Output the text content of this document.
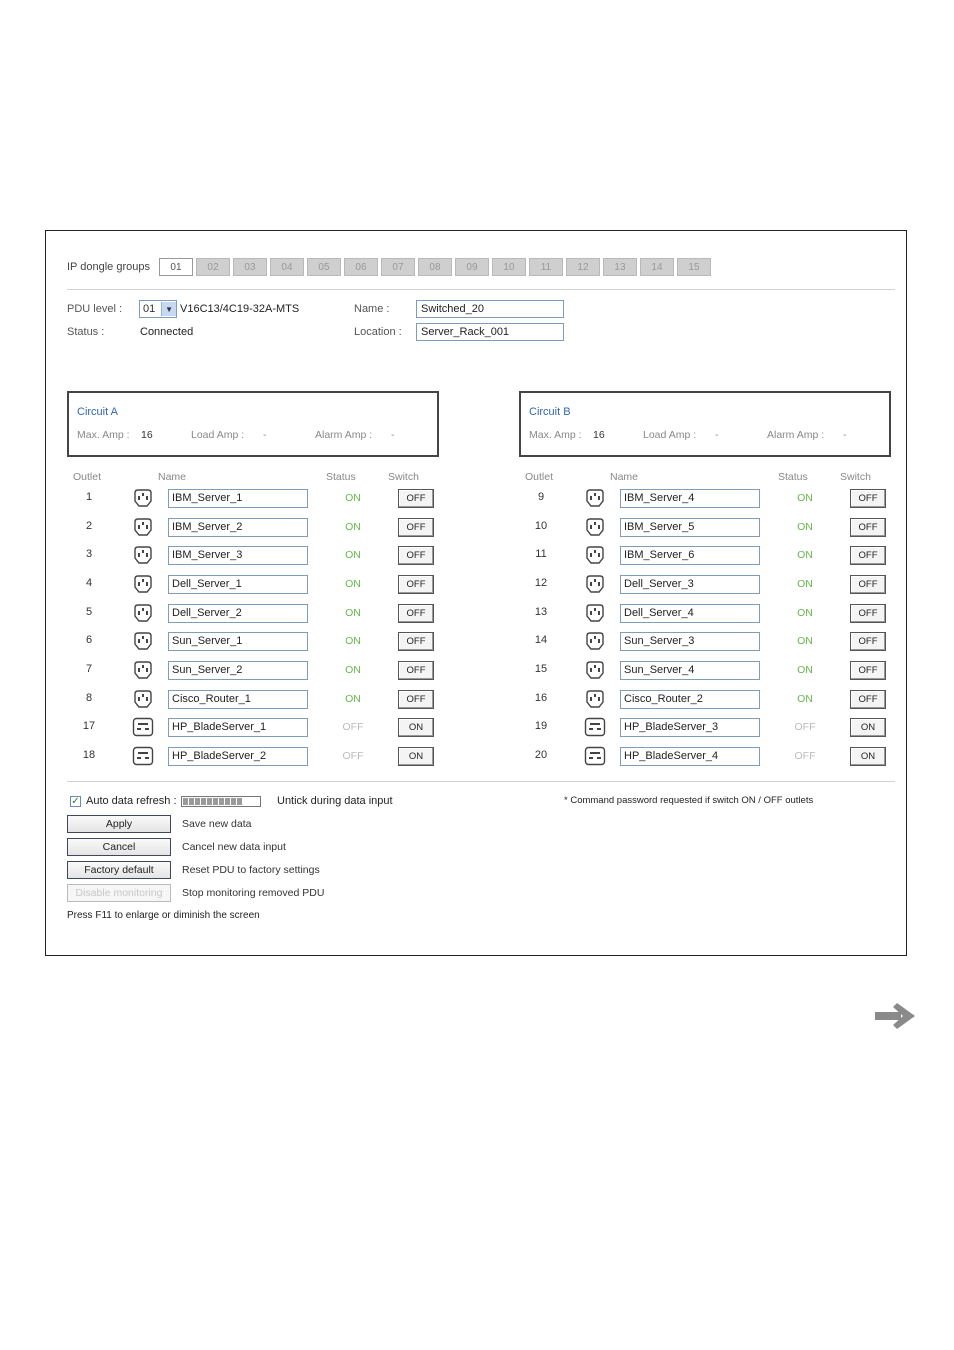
IP dongle groups	01	02	03	04	05	06	07	08	09	10	11	12	13	14	15
PDU level : 01	▼ V16C13/4C19-32A-MTS
Status :	Connected
Name :	Switched_20
Location :	Server_Rack_001
Circuit A
Max. Amp : 16	Load Amp : -	Alarm Amp : -
Circuit B
Max. Amp : 16	Load Amp : -	Alarm Amp : -
Outlet	Name	Status	Switch	Outlet	Name	Status	Switch
1	IBM_Server_1	ON	OFF
2	IBM_Server_2	ON	OFF
3	IBM_Server_3	ON	OFF
4	Dell_Server_1	ON	OFF
5	Dell_Server_2	ON	OFF
6	Sun_Server_1	ON	OFF
7	Sun_Server_2	ON	OFF
8	Cisco_Router_1	ON	OFF
17	HP_BladeServer_1	OFF	ON
18	HP_BladeServer_2	OFF	ON
9	IBM_Server_4	ON	OFF
10	IBM_Server_5	ON	OFF
11	IBM_Server_6	ON	OFF
12	Dell_Server_3	ON	OFF
13	Dell_Server_4	ON	OFF
14	Sun_Server_3	ON	OFF
15	Sun_Server_4	ON	OFF
16	Cisco_Router_2	ON	OFF
19	HP_BladeServer_3	OFF	ON
20	HP_BladeServer_4	OFF	ON
✓ Auto data refresh :	Untick during data input	* Command password requested if switch ON / OFF outlets
Apply	Save new data
Cancel	Cancel new data input
Factory default	Reset PDU to factory settings
Disable monitoring	Stop monitoring removed PDU
Press F11 to enlarge or diminish the screen
